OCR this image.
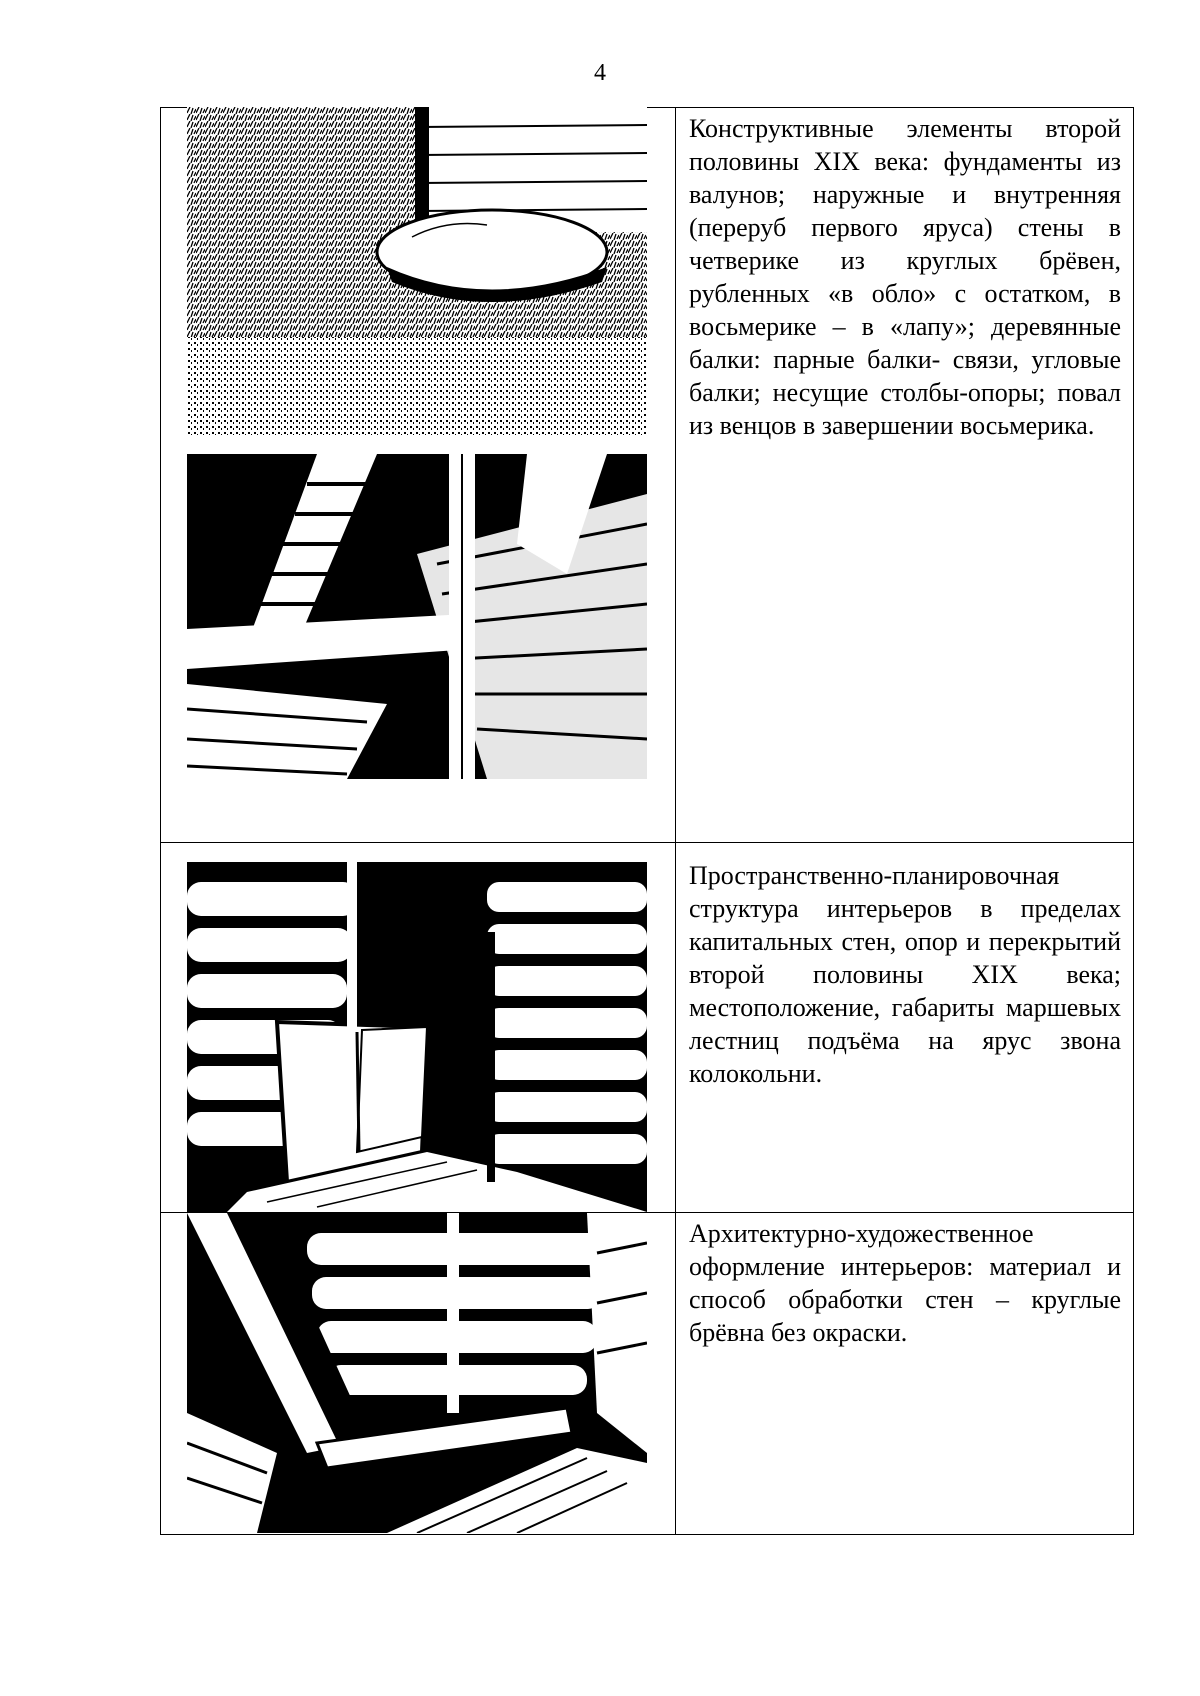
4

Конструктивные элементы второй половины XIX века: фундаменты из валунов; наружные и внутренняя (переруб первого яруса) стены в четверике из круглых брёвен, рубленных «в обло» с остатком, в восьмерике – в «лапу»; деревянные балки: парные балки- связи, угловые балки; несущие столбы-опоры; повал из венцов в завершении восьмерика.

Пространственно-планировочная структура интерьеров в пределах капитальных стен, опор и перекрытий второй половины XIX века; местоположение, габариты маршевых лестниц подъёма на ярус звона колокольни.

Архитектурно-художественное оформление интерьеров: материал и способ обработки стен – круглые брёвна без окраски.
